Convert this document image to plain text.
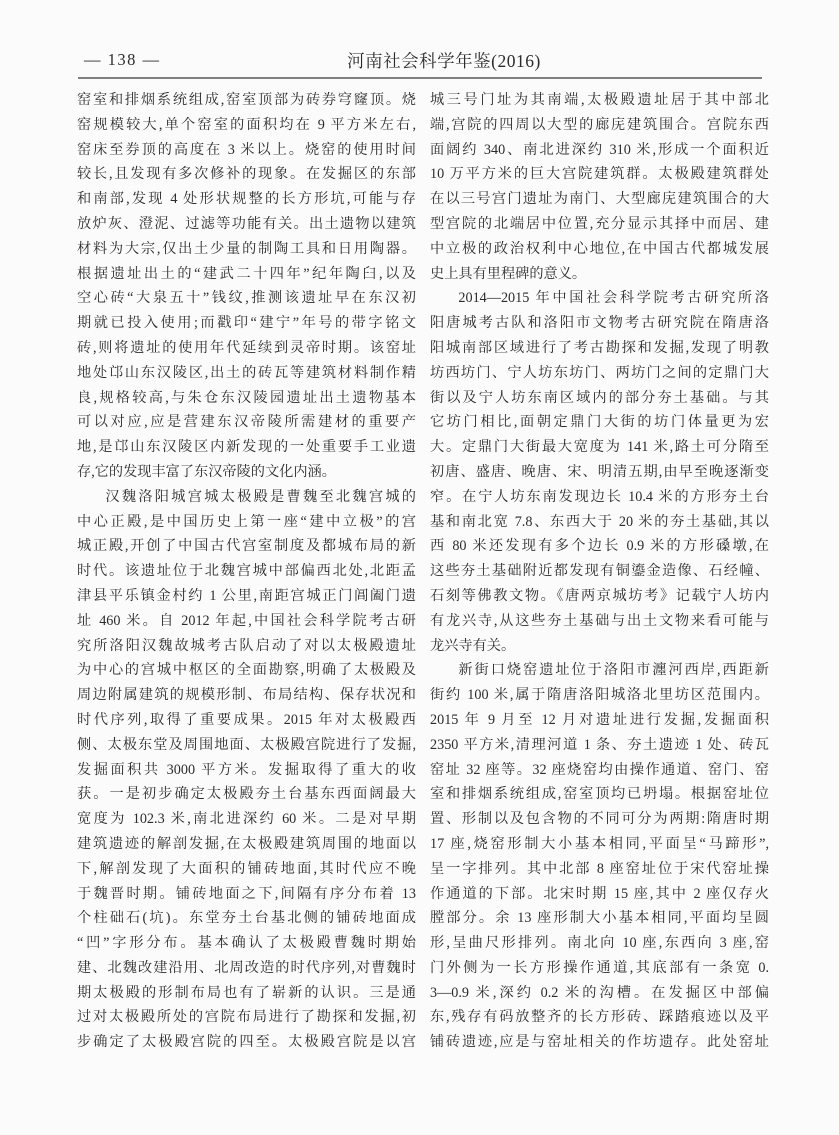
— 138 —	河南社会科学年鉴(2016)
窑室和排烟系统组成,窑室顶部为砖券穹窿顶。烧
窑规模较大,单个窑室的面积均在 9 平方米左右,
窑床至券顶的高度在 3 米以上。烧窑的使用时间
较长,且发现有多次修补的现象。在发掘区的东部
和南部,发现 4 处形状规整的长方形坑,可能与存
放炉灰、澄泥、过滤等功能有关。出土遗物以建筑
材料为大宗,仅出土少量的制陶工具和日用陶器。
根据遗址出土的“建武二十四年”纪年陶臼,以及
空心砖“大泉五十”钱纹,推测该遗址早在东汉初
期就已投入使用;而戳印“建宁”年号的带字铭文
砖,则将遗址的使用年代延续到灵帝时期。该窑址
地处邙山东汉陵区,出土的砖瓦等建筑材料制作精
良,规格较高,与朱仓东汉陵园遗址出土遗物基本
可以对应,应是营建东汉帝陵所需建材的重要产
地,是邙山东汉陵区内新发现的一处重要手工业遗
存,它的发现丰富了东汉帝陵的文化内涵。
汉魏洛阳城宫城太极殿是曹魏至北魏宫城的
中心正殿,是中国历史上第一座“建中立极”的宫
城正殿,开创了中国古代宫室制度及都城布局的新
时代。该遗址位于北魏宫城中部偏西北处,北距孟
津县平乐镇金村约 1 公里,南距宫城正门阊阖门遗
址 460 米。自 2012 年起,中国社会科学院考古研
究所洛阳汉魏故城考古队启动了对以太极殿遗址
为中心的宫城中枢区的全面勘察,明确了太极殿及
周边附属建筑的规模形制、布局结构、保存状况和
时代序列,取得了重要成果。2015 年对太极殿西
侧、太极东堂及周围地面、太极殿宫院进行了发掘,
发掘面积共 3000 平方米。发掘取得了重大的收
获。一是初步确定太极殿夯土台基东西面阔最大
宽度为 102.3 米,南北进深约 60 米。二是对早期
建筑遗迹的解剖发掘,在太极殿建筑周围的地面以
下,解剖发现了大面积的铺砖地面,其时代应不晚
于魏晋时期。铺砖地面之下,间隔有序分布着 13
个柱础石(坑)。东堂夯土台基北侧的铺砖地面成
“凹”字形分布。基本确认了太极殿曹魏时期始
建、北魏改建沿用、北周改造的时代序列,对曹魏时
期太极殿的形制布局也有了崭新的认识。三是通
过对太极殿所处的宫院布局进行了勘探和发掘,初
步确定了太极殿宫院的四至。太极殿宫院是以宫
城三号门址为其南端,太极殿遗址居于其中部北
端,宫院的四周以大型的廊庑建筑围合。宫院东西
面阔约 340、南北进深约 310 米,形成一个面积近
10 万平方米的巨大宫院建筑群。太极殿建筑群处
在以三号宫门遗址为南门、大型廊庑建筑围合的大
型宫院的北端居中位置,充分显示其择中而居、建
中立极的政治权利中心地位,在中国古代都城发展
史上具有里程碑的意义。
2014—2015 年中国社会科学院考古研究所洛
阳唐城考古队和洛阳市文物考古研究院在隋唐洛
阳城南部区域进行了考古勘探和发掘,发现了明教
坊西坊门、宁人坊东坊门、两坊门之间的定鼎门大
街以及宁人坊东南区域内的部分夯土基础。与其
它坊门相比,面朝定鼎门大街的坊门体量更为宏
大。定鼎门大街最大宽度为 141 米,路土可分隋至
初唐、盛唐、晚唐、宋、明清五期,由早至晚逐渐变
窄。在宁人坊东南发现边长 10.4 米的方形夯土台
基和南北宽 7.8、东西大于 20 米的夯土基础,其以
西 80 米还发现有多个边长 0.9 米的方形磉墩,在
这些夯土基础附近都发现有铜鎏金造像、石经幢、
石刻等佛教文物。《唐两京城坊考》记载宁人坊内
有龙兴寺,从这些夯土基础与出土文物来看可能与
龙兴寺有关。
新街口烧窑遗址位于洛阳市瀍河西岸,西距新
街约 100 米,属于隋唐洛阳城洛北里坊区范围内。
2015 年 9 月至 12 月对遗址进行发掘,发掘面积
2350 平方米,清理河道 1 条、夯土遗迹 1 处、砖瓦
窑址 32 座等。32 座烧窑均由操作通道、窑门、窑
室和排烟系统组成,窑室顶均已坍塌。根据窑址位
置、形制以及包含物的不同可分为两期:隋唐时期
17 座,烧窑形制大小基本相同,平面呈“马蹄形”,
呈一字排列。其中北部 8 座窑址位于宋代窑址操
作通道的下部。北宋时期 15 座,其中 2 座仅存火
膛部分。余 13 座形制大小基本相同,平面均呈圆
形,呈曲尺形排列。南北向 10 座,东西向 3 座,窑
门外侧为一长方形操作通道,其底部有一条宽 0.
3—0.9 米,深约 0.2 米的沟槽。在发掘区中部偏
东,残存有码放整齐的长方形砖、踩踏痕迹以及平
铺砖遗迹,应是与窑址相关的作坊遗存。此处窑址
